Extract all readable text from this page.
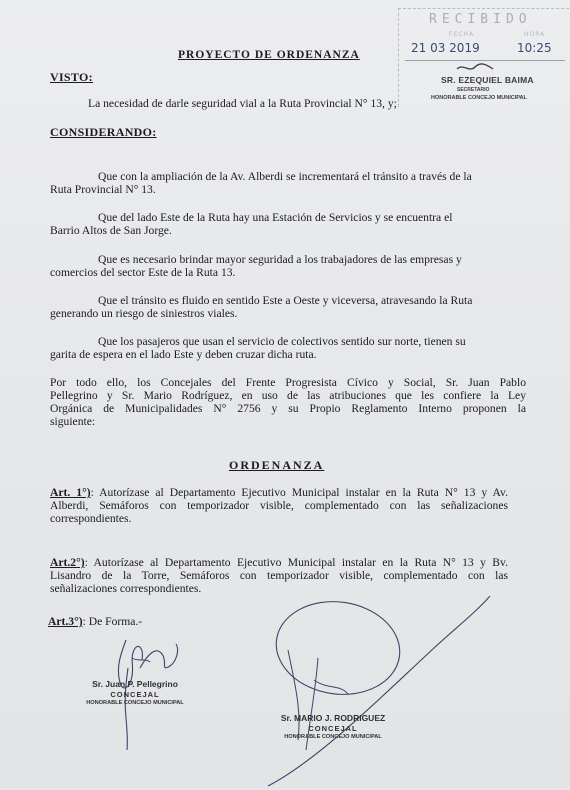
RECIBIDO
FECHA	HORA
21 03 2019	10:25
SR. EZEQUIEL BAIMA
SECRETARIO
HONORABLE CONCEJO MUNICIPAL
PROYECTO DE ORDENANZA
VISTO:
La necesidad de darle seguridad vial a la Ruta Provincial N° 13, y;
CONSIDERANDO:
Que con la ampliación de la Av. Alberdi se incrementará el tránsito a través de la
Ruta Provincial N° 13.
Que del lado Este de la Ruta hay una Estación de Servicios y se encuentra el
Barrio Altos de San Jorge.
Que es necesario brindar mayor seguridad a los trabajadores de las empresas y
comercios del sector Este de la Ruta 13.
Que el tránsito es fluido en sentido Este a Oeste y viceversa, atravesando la Ruta
generando un riesgo de siniestros viales.
Que los pasajeros que usan el servicio de colectivos sentido sur norte, tienen su
garita de espera en el lado Este y deben cruzar dicha ruta.
Por todo ello, los Concejales del Frente Progresista Cívico y Social, Sr. Juan Pablo
Pellegrino y Sr. Mario Rodríguez, en uso de las atribuciones que les confiere la Ley
Orgánica de Municipalidades N° 2756 y su Propio Reglamento Interno proponen la
siguiente:
ORDENANZA
Art. 1°): Autorízase al Departamento Ejecutivo Municipal instalar en la Ruta N° 13 y Av.
Alberdi, Semáforos con temporizador visible, complementado con las señalizaciones
correspondientes.
Art.2°): Autorízase al Departamento Ejecutivo Municipal instalar en la Ruta N° 13 y Bv.
Lisandro de la Torre, Semáforos con temporizador visible, complementado con las
señalizaciones correspondientes.
Art.3°): De Forma.-
Sr. Juan P. Pellegrino
CONCEJAL
HONORABLE CONCEJO MUNICIPAL
Sr. MARIO J. RODRIGUEZ
CONCEJAL
HONORABLE CONCEJO MUNICIPAL
